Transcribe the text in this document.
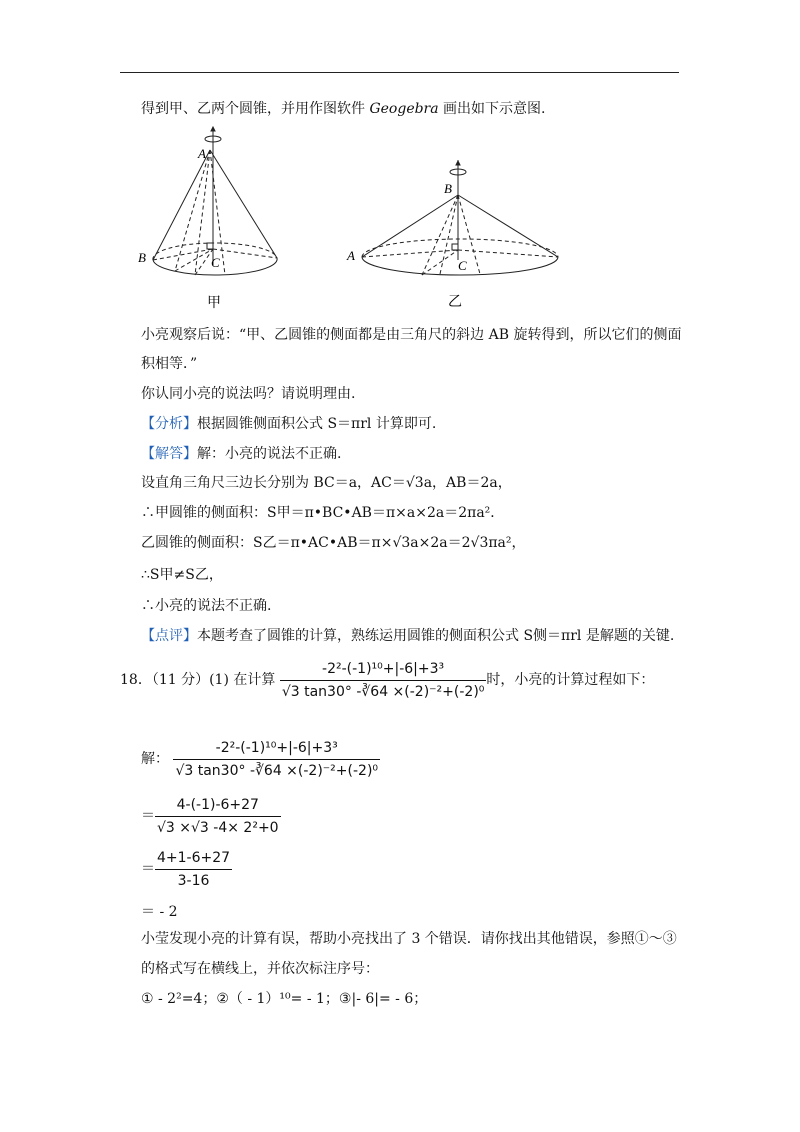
得到甲、乙两个圆锥，并用作图软件 Geogebra 画出如下示意图.
A
B	C
甲
B
A
C
乙
小亮观察后说：“甲、乙圆锥的侧面都是由三角尺的斜边 AB 旋转得到，所以它们的侧面
积相等．”
你认同小亮的说法吗？请说明理由.
【分析】根据圆锥侧面积公式 S＝πrl 计算即可.
【解答】解：小亮的说法不正确.
设直角三角尺三边长分别为 BC＝a，AC＝√3a，AB＝2a，
∴甲圆锥的侧面积：S甲＝π•BC•AB＝π×a×2a＝2πa²．
乙圆锥的侧面积：S乙＝π•AC•AB＝π×√3a×2a＝2√3πa²，
∴S甲≠S乙，
∴小亮的说法不正确.
【点评】本题考查了圆锥的计算，熟练运用圆锥的侧面积公式 S侧＝πrl 是解题的关键.
18．（11 分）(1) 在计算 $\frac{\text{-2²-(-1)¹⁰+|-6|+3³}}{\text{√3 tan30° -∛64 ×(-2)⁻²+(-2)⁰}}$ 时，小亮的计算过程如下：
解： $\frac{\text{-2²-(-1)¹⁰+|-6|+3³}}{\text{√3 tan30° -∛64 ×(-2)⁻²+(-2)⁰}}$
＝ $\frac{4-(-1)-6+27}{\text{√3 ×√3 -4× 2²+0}}$
＝ $\frac{4+1-6+27}{3-16}$
＝ - 2
小莹发现小亮的计算有误，帮助小亮找出了 3 个错误．请你找出其他错误，参照①～③
的格式写在横线上，并依次标注序号：
① - 2²=4；②（ - 1）¹⁰= - 1；③|- 6|= - 6；
